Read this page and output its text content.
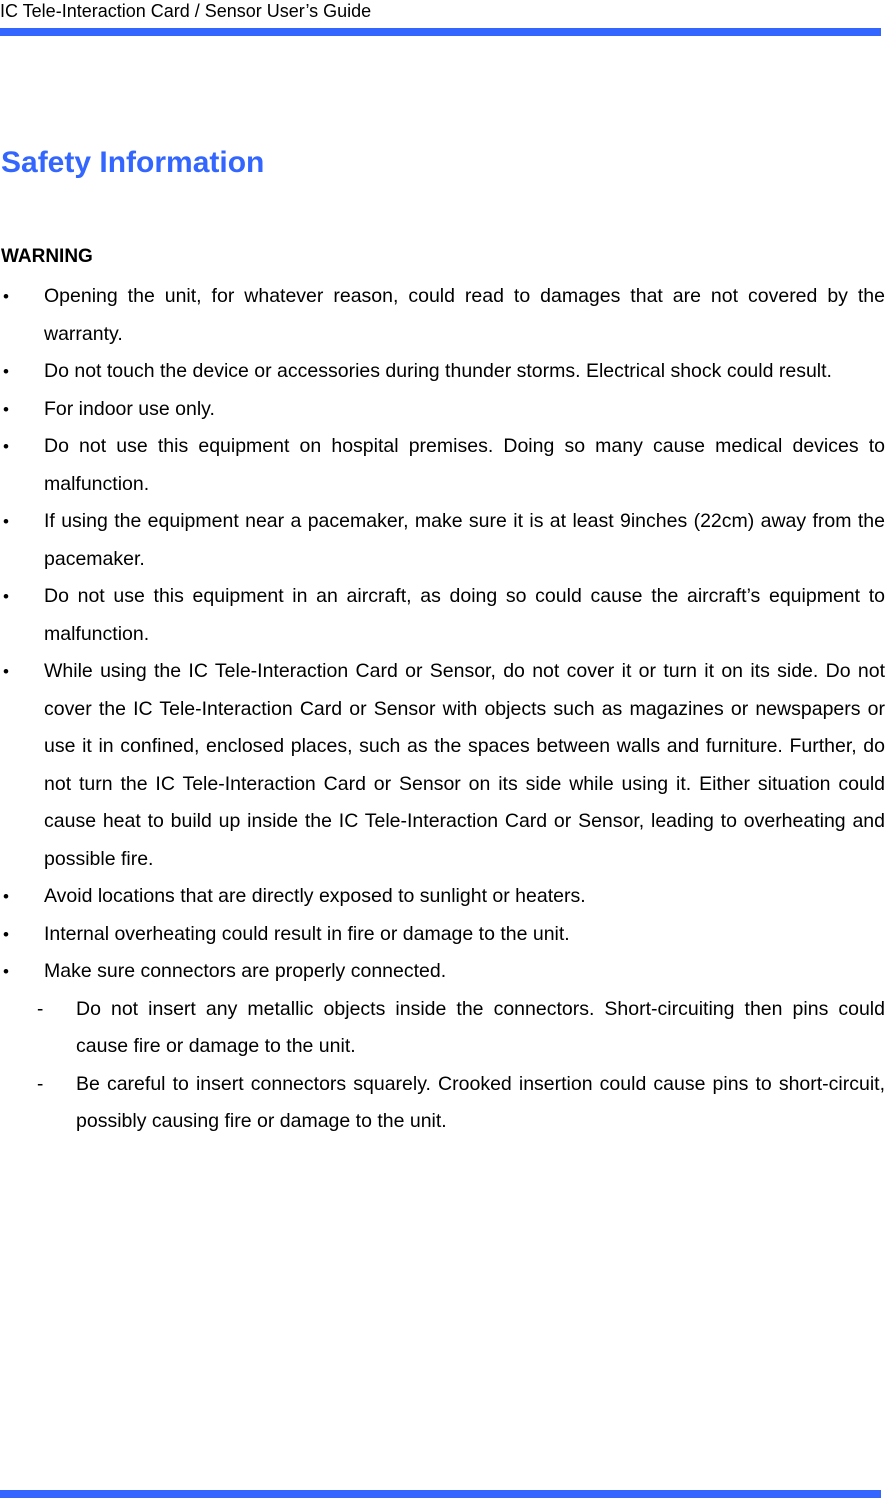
IC Tele-Interaction Card / Sensor User’s Guide
Safety Information
WARNING
• Opening the unit, for whatever reason, could read to damages that are not covered by the warranty.
• Do not touch the device or accessories during thunder storms. Electrical shock could result.
• For indoor use only.
• Do not use this equipment on hospital premises. Doing so many cause medical devices to malfunction.
• If using the equipment near a pacemaker, make sure it is at least 9inches (22cm) away from the pacemaker.
• Do not use this equipment in an aircraft, as doing so could cause the aircraft’s equipment to malfunction.
• While using the IC Tele-Interaction Card or Sensor, do not cover it or turn it on its side. Do not cover the IC Tele-Interaction Card or Sensor with objects such as magazines or newspapers or use it in confined, enclosed places, such as the spaces between walls and furniture. Further, do not turn the IC Tele-Interaction Card or Sensor on its side while using it. Either situation could cause heat to build up inside the IC Tele-Interaction Card or Sensor, leading to overheating and possible fire.
• Avoid locations that are directly exposed to sunlight or heaters.
• Internal overheating could result in fire or damage to the unit.
• Make sure connectors are properly connected.
- Do not insert any metallic objects inside the connectors. Short-circuiting then pins could cause fire or damage to the unit.
- Be careful to insert connectors squarely. Crooked insertion could cause pins to short-circuit, possibly causing fire or damage to the unit.
